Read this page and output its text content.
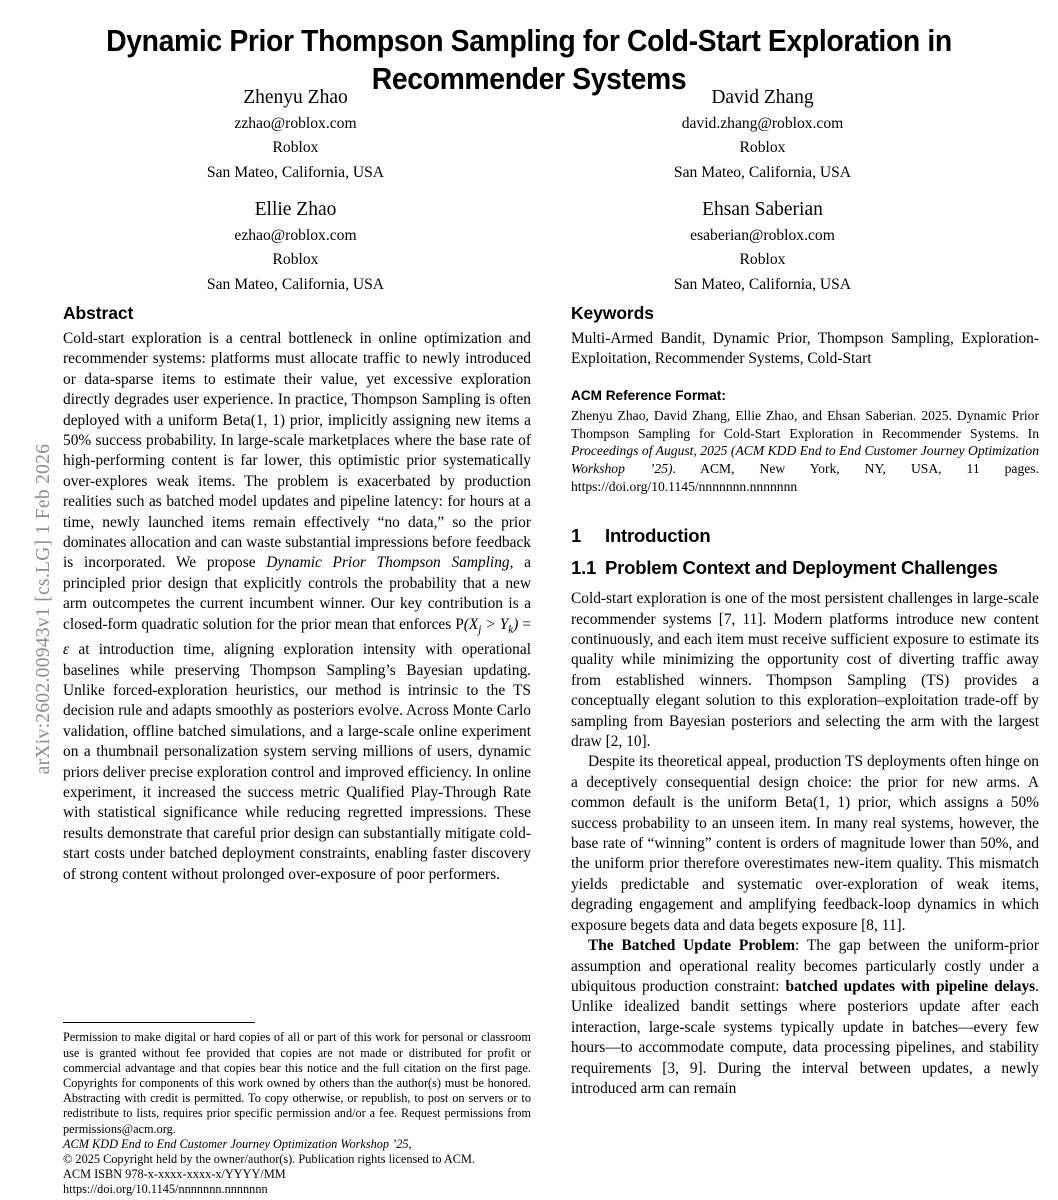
arXiv:2602.00943v1 [cs.LG] 1 Feb 2026
Dynamic Prior Thompson Sampling for Cold-Start Exploration in Recommender Systems
Zhenyu Zhao
zzhao@roblox.com
Roblox
San Mateo, California, USA
David Zhang
david.zhang@roblox.com
Roblox
San Mateo, California, USA
Ellie Zhao
ezhao@roblox.com
Roblox
San Mateo, California, USA
Ehsan Saberian
esaberian@roblox.com
Roblox
San Mateo, California, USA
Abstract

Cold-start exploration is a central bottleneck in online optimization and recommender systems: platforms must allocate traffic to newly introduced or data-sparse items to estimate their value, yet excessive exploration directly degrades user experience. In practice, Thompson Sampling is often deployed with a uniform Beta(1, 1) prior, implicitly assigning new items a 50% success probability. In large-scale marketplaces where the base rate of high-performing content is far lower, this optimistic prior systematically over-explores weak items. The problem is exacerbated by production realities such as batched model updates and pipeline latency: for hours at a time, newly launched items remain effectively “no data,” so the prior dominates allocation and can waste substantial impressions before feedback is incorporated. We propose Dynamic Prior Thompson Sampling, a principled prior design that explicitly controls the probability that a new arm outcompetes the current incumbent winner. Our key contribution is a closed-form quadratic solution for the prior mean that enforces $P(X_j > Y_k) = \varepsilon$ at introduction time, aligning exploration intensity with operational baselines while preserving Thompson Sampling’s Bayesian updating. Unlike forced-exploration heuristics, our method is intrinsic to the TS decision rule and adapts smoothly as posteriors evolve. Across Monte Carlo validation, offline batched simulations, and a large-scale online experiment on a thumbnail personalization system serving millions of users, dynamic priors deliver precise exploration control and improved efficiency. In online experiment, it increased the success metric Qualified Play-Through Rate with statistical significance while reducing regretted impressions. These results demonstrate that careful prior design can substantially mitigate cold-start costs under batched deployment constraints, enabling faster discovery of strong content without prolonged over-exposure of poor performers.

Keywords

Multi-Armed Bandit, Dynamic Prior, Thompson Sampling, Exploration-Exploitation, Recommender Systems, Cold-Start

ACM Reference Format:

Zhenyu Zhao, David Zhang, Ellie Zhao, and Ehsan Saberian. 2025. Dynamic Prior Thompson Sampling for Cold-Start Exploration in Recommender Systems. In Proceedings of August, 2025 (ACM KDD End to End Customer Journey Optimization Workshop ’25). ACM, New York, NY, USA, 11 pages. https://doi.org/10.1145/nnnnnnn.nnnnnnn

1	Introduction
1.1 Problem Context and Deployment Challenges

Cold-start exploration is one of the most persistent challenges in large-scale recommender systems [7, 11]. Modern platforms introduce new content continuously, and each item must receive sufficient exposure to estimate its quality while minimizing the opportunity cost of diverting traffic away from established winners. Thompson Sampling (TS) provides a conceptually elegant solution to this exploration–exploitation trade-off by sampling from Bayesian posteriors and selecting the arm with the largest draw [2, 10].

Despite its theoretical appeal, production TS deployments often hinge on a deceptively consequential design choice: the prior for new arms. A common default is the uniform Beta(1, 1) prior, which assigns a 50% success probability to an unseen item. In many real systems, however, the base rate of “winning” content is orders of magnitude lower than 50%, and the uniform prior therefore overestimates new-item quality. This mismatch yields predictable and systematic over-exploration of weak items, degrading engagement and amplifying feedback-loop dynamics in which exposure begets data and data begets exposure [8, 11].

The Batched Update Problem: The gap between the uniform-prior assumption and operational reality becomes particularly costly under a ubiquitous production constraint: batched updates with pipeline delays. Unlike idealized bandit settings where posteriors update after each interaction, large-scale systems typically update in batches—every few hours—to accommodate compute, data processing pipelines, and stability requirements [3, 9]. During the interval between updates, a newly introduced arm can remain

Permission to make digital or hard copies of all or part of this work for personal or classroom use is granted without fee provided that copies are not made or distributed for profit or commercial advantage and that copies bear this notice and the full citation on the first page. Copyrights for components of this work owned by others than the author(s) must be honored. Abstracting with credit is permitted. To copy otherwise, or republish, to post on servers or to redistribute to lists, requires prior specific permission and/or a fee. Request permissions from permissions@acm.org.

ACM KDD End to End Customer Journey Optimization Workshop ’25,

© 2025 Copyright held by the owner/author(s). Publication rights licensed to ACM.

ACM ISBN 978-x-xxxx-xxxx-x/YYYY/MM

https://doi.org/10.1145/nnnnnnn.nnnnnnn
